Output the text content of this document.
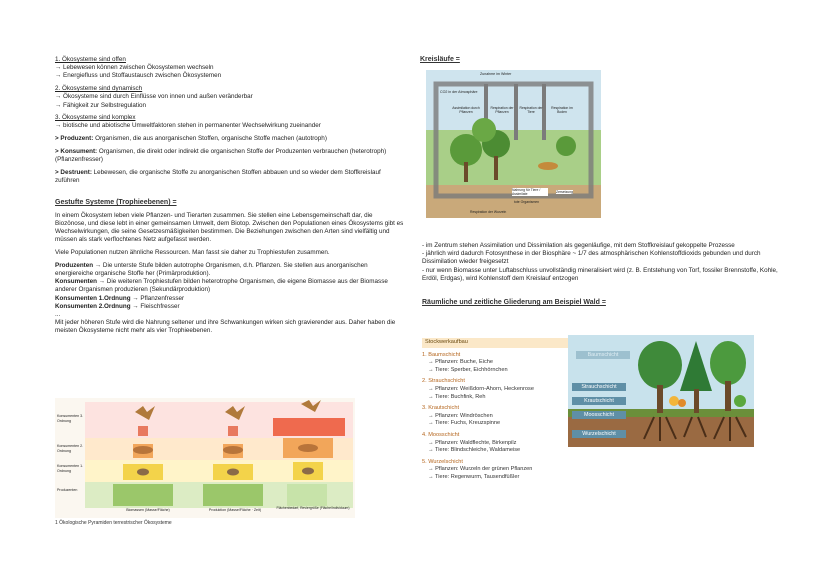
1. Ökosysteme sind offen

→ Lebewesen können zwischen Ökosystemen wechseln

→ Energiefluss und Stoffaustausch zwischen Ökosystemen

2. Ökosysteme sind dynamisch

→ Ökosysteme sind durch Einflüsse von innen und außen veränderbar

→ Fähigkeit zur Selbstregulation

3. Ökosysteme sind komplex

→ biotische und abiotische Umweltfaktoren stehen in permanenter Wechselwirkung zueinander

> Produzent: Organismen, die aus anorganischen Stoffen, organische Stoffe machen (autotroph)

> Konsument: Organismen, die direkt oder indirekt die organischen Stoffe der Produzenten verbrauchen (heterotroph) (Pflanzenfresser)

> Destruent: Lebewesen, die organische Stoffe zu anorganischen Stoffen abbauen und so wieder dem Stoffkreislauf zuführen

Gestufte Systeme (Trophieebenen) =

In einem Ökosystem leben viele Pflanzen- und Tierarten zusammen. Sie stellen eine Lebensgemeinschaft dar, die Biozönose, und diese lebt in einer gemeinsamen Umwelt, dem Biotop. Zwischen den Populationen eines Ökosystems gibt es Wechselwirkungen, die seine Gesetzesmäßigkeiten bestimmen. Die Beziehungen zwischen den Arten sind vielfältig und müssen als stark verflochtenes Netz aufgefasst werden.

Viele Populationen nutzen ähnliche Ressourcen. Man fasst sie daher zu Trophiestufen zusammen.

Produzenten → Die unterste Stufe bilden autotrophe Organismen, d.h. Pflanzen. Sie stellen aus anorganischen energiereiche organische Stoffe her (Primärproduktion).

Konsumenten → Die weiteren Trophiestufen bilden heterotrophe Organismen, die eigene Biomasse aus der Biomasse anderer Organismen produzieren (Sekundärproduktion)

Konsumenten 1.Ordnung → Pflanzenfresser

Konsumenten 2.Ordnung → Fleischfresser

...

Mit jeder höheren Stufe wird die Nahrung seltener und ihre Schwankungen wirken sich gravierender aus. Daher haben die meisten Ökosysteme nicht mehr als vier Trophieebenen.

Konsumenten 3. Ordnung
Konsumenten 2. Ordnung
Konsumenten 1. Ordnung
Produzenten
Biomassen (Masse/Fläche)	Produktion (Masse/Fläche · Zeit)	Flächenbedarf, Reviergröße (Fläche/Individuum)
1 Ökologische Pyramiden terrestrischer Ökosysteme

Kreisläufe =

Zunahme im Winter
CO2 in der Atmosphäre
Assimilation durch Pflanzen
Respiration der Pflanzen
Respiration der Tiere
Respiration im Boden
Nahrung für Tiere / Assimilate	Zersetzung
tote Organismen
Respiration der Wurzeln

- im Zentrum stehen Assimilation und Dissimilation als gegenläufige, mit dem Stoffkreislauf gekoppelte Prozesse

- jährlich wird dadurch Fotosynthese in der Biosphäre ~ 1/7 des atmosphärischen Kohlenstoffdioxids gebunden und durch Dissimilation wieder freigesetzt

- nur wenn Biomasse unter Luftabschluss unvollständig mineralisiert wird (z. B. Entstehung von Torf, fossiler Brennstoffe, Kohle, Erdöl, Erdgas), wird Kohlenstoff dem Kreislauf entzogen

Räumliche und zeitliche Gliederung am Beispiel Wald =

Stockwerkaufbau
1. Baumschicht
→ Pflanzen: Buche, Eiche
→ Tiere: Sperber, Eichhörnchen
2. Strauchschicht
→ Pflanzen: Weißdorn-Ahorn, Heckenrose
→ Tiere: Buchfink, Reh
3. Krautschicht
→ Pflanzen: Windröschen
→ Tiere: Fuchs, Kreuzspinne
4. Moosschicht
→ Pflanzen: Waldflechte, Birkenpilz
→ Tiere: Blindschleiche, Waldameise
5. Wurzelschicht
→ Pflanzen: Wurzeln der grünen Pflanzen
→ Tiere: Regenwurm, Tausendfüßler
Baumschicht
Strauchschicht
Krautschicht
Moosschicht
Wurzelschicht
